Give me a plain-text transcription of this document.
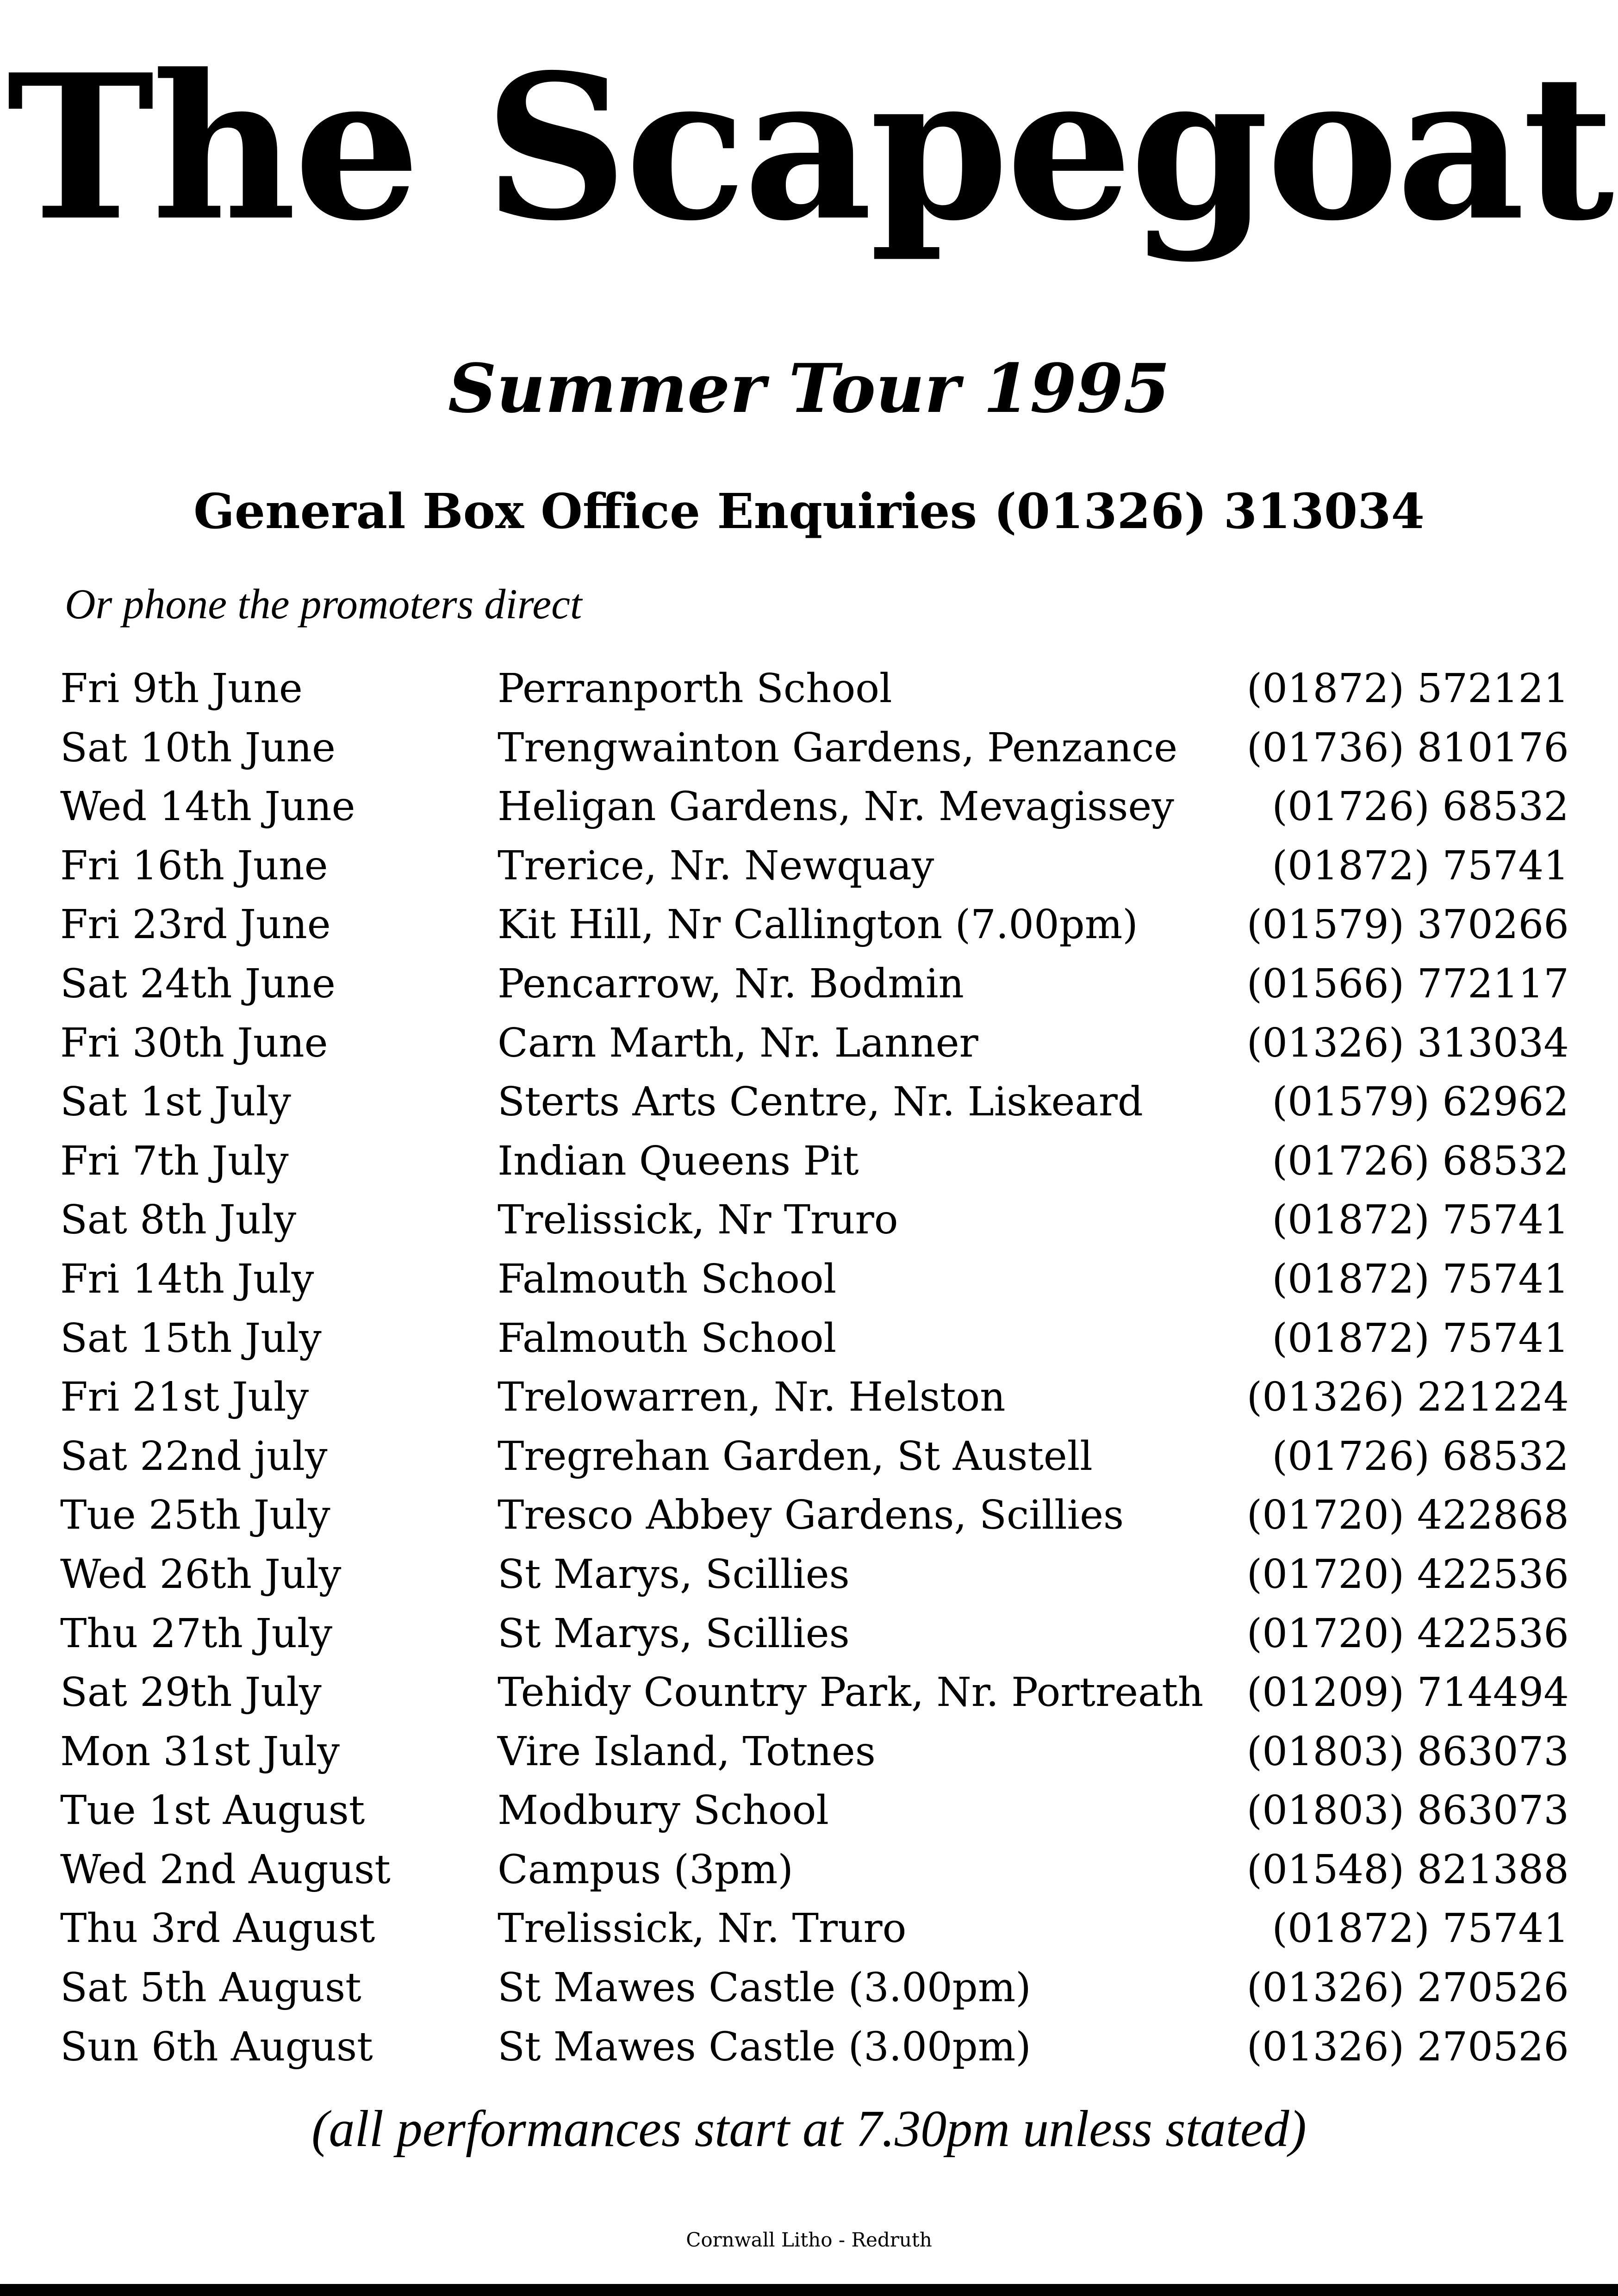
The Scapegoat
Summer Tour 1995
General Box Office Enquiries (01326) 313034
Or phone the promoters direct
Fri 9th June	Perranporth School	(01872) 572121
Sat 10th June	Trengwainton Gardens, Penzance (01736) 810176
Wed 14th June	Heligan Gardens, Nr. Mevagissey (01726) 68532
Fri 16th June	Trerice, Nr. Newquay	(01872) 75741
Fri 23rd June	Kit Hill, Nr Callington (7.00pm)	(01579) 370266
Sat 24th June	Pencarrow, Nr. Bodmin	(01566) 772117
Fri 30th June	Carn Marth, Nr. Lanner	(01326) 313034
Sat 1st July	Sterts Arts Centre, Nr. Liskeard	(01579) 62962
Fri 7th July	Indian Queens Pit	(01726) 68532
Sat 8th July	Trelissick, Nr Truro	(01872) 75741
Fri 14th July	Falmouth School	(01872) 75741
Sat 15th July	Falmouth School	(01872) 75741
Fri 21st July	Trelowarren, Nr. Helston	(01326) 221224
Sat 22nd july	Tregrehan Garden, St Austell	(01726) 68532
Tue 25th July	Tresco Abbey Gardens, Scillies	(01720) 422868
Wed 26th July	St Marys, Scillies	(01720) 422536
Thu 27th July	St Marys, Scillies	(01720) 422536
Sat 29th July	Tehidy Country Park, Nr. Portreath (01209) 714494
Mon 31st July	Vire Island, Totnes	(01803) 863073
Tue 1st August	Modbury School	(01803) 863073
Wed 2nd August	Campus (3pm)	(01548) 821388
Thu 3rd August	Trelissick, Nr. Truro	(01872) 75741
Sat 5th August	St Mawes Castle (3.00pm)	(01326) 270526
Sun 6th August	St Mawes Castle (3.00pm)	(01326) 270526
(all performances start at 7.30pm unless stated)
Cornwall Litho - Redruth
